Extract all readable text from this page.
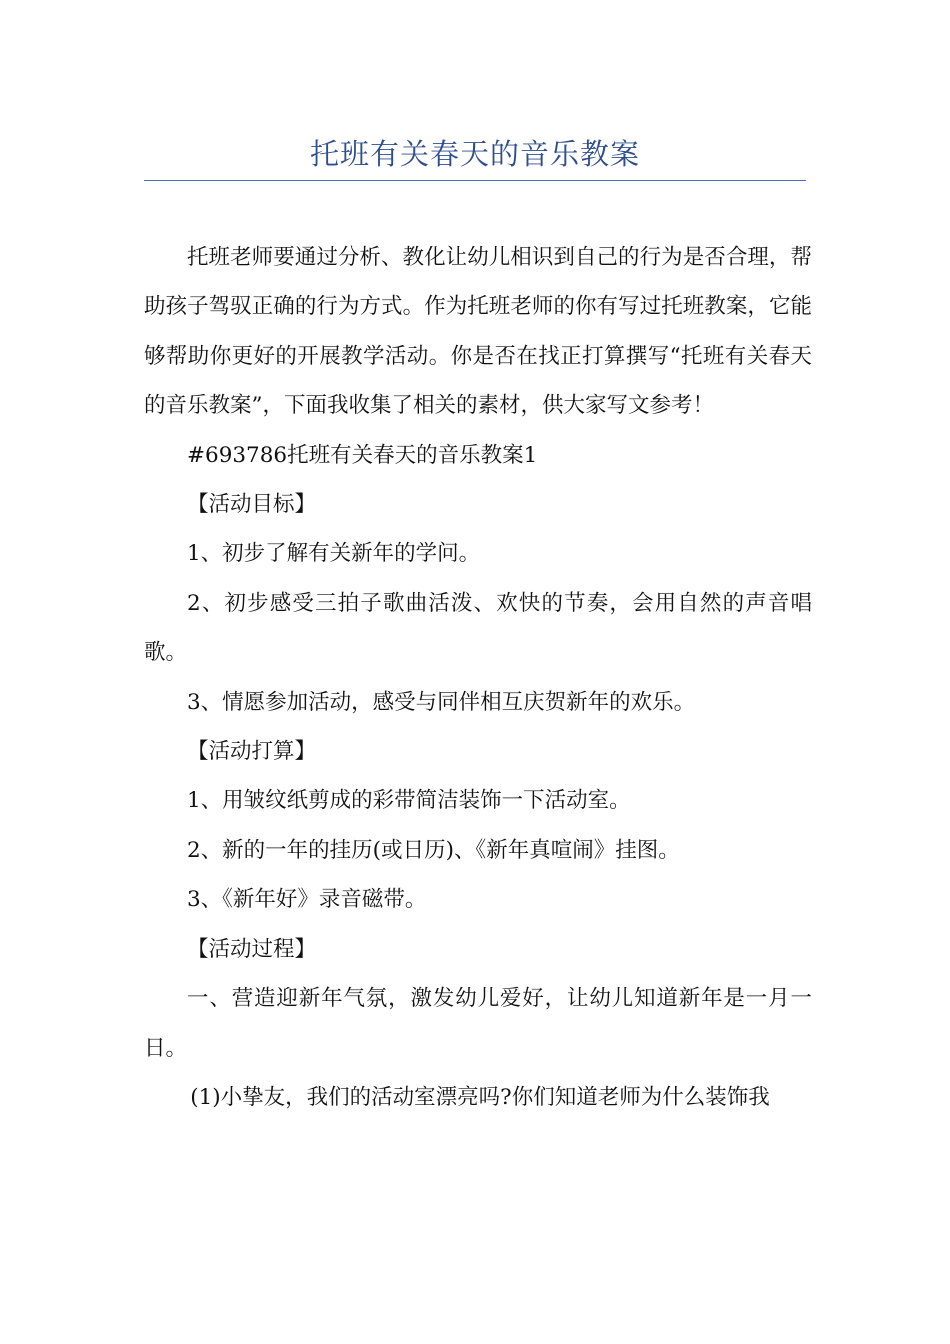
托班有关春天的音乐教案

托班老师要通过分析、教化让幼儿相识到自己的行为是否合理，帮助孩子驾驭正确的行为方式。作为托班老师的你有写过托班教案，它能够帮助你更好的开展教学活动。你是否在找正打算撰写“托班有关春天的音乐教案”，下面我收集了相关的素材，供大家写文参考！

#693786托班有关春天的音乐教案1

【活动目标】

1、初步了解有关新年的学问。

2、初步感受三拍子歌曲活泼、欢快的节奏，会用自然的声音唱歌。

3、情愿参加活动，感受与同伴相互庆贺新年的欢乐。

【活动打算】

1、用皱纹纸剪成的彩带简洁装饰一下活动室。

2、新的一年的挂历(或日历)、《新年真喧闹》挂图。

3、《新年好》录音磁带。

【活动过程】

一、营造迎新年气氛，激发幼儿爱好，让幼儿知道新年是一月一日。

(1)小挚友，我们的活动室漂亮吗?你们知道老师为什么装饰我
